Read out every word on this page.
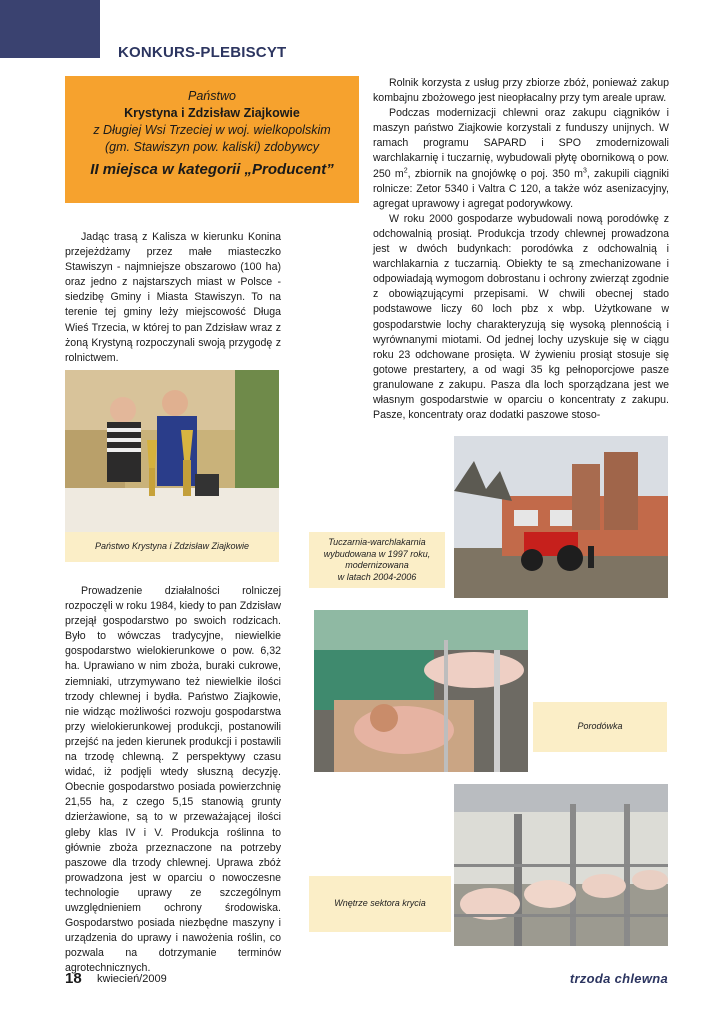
KONKURS-PLEBISCYT
Państwo
Krystyna i Zdzisław Ziajkowie
z Długiej Wsi Trzeciej w woj. wielkopolskim
(gm. Stawiszyn pow. kaliski) zdobywcy
II miejsca w kategorii „Producent”

Jadąc trasą z Kalisza w kierunku Konina przejeżdżamy przez małe miasteczko Stawiszyn - najmniejsze obszarowo (100 ha) oraz jedno z najstarszych miast w Polsce -siedzibę Gminy i Miasta Stawiszyn. To na terenie tej gminy leży miejscowość Długa Wieś Trzecia, w której to pan Zdzisław wraz z żoną Krystyną rozpoczynali swoją przygodę z rolnictwem.

Państwo Krystyna i Zdzisław Ziajkowie

Prowadzenie działalności rolniczej rozpoczęli w roku 1984, kiedy to pan Zdzisław przejął gospodarstwo po swoich rodzicach. Było to wówczas tradycyjne, niewielkie gospodarstwo wielokierunkowe o pow. 6,32 ha. Uprawiano w nim zboża, buraki cukrowe, ziemniaki, utrzymywano też niewielkie ilości trzody chlewnej i bydła. Państwo Ziajkowie, nie widząc możliwości rozwoju gospodarstwa przy wielokierunkowej produkcji, postanowili przejść na jeden kierunek produkcji i postawili na trzodę chlewną. Z perspektywy czasu widać, iż podjęli wtedy słuszną decyzję. Obecnie gospodarstwo posiada powierzchnię 21,55 ha, z czego 5,15 stanowią grunty dzierżawione, są to w przeważającej ilości gleby klas IV i V. Produkcja roślinna to głównie zboża przeznaczone na potrzeby paszowe dla trzody chlewnej. Uprawa zbóż prowadzona jest w oparciu o nowoczesne technologie uprawy ze szczególnym uwzględnieniem ochrony środowiska. Gospodarstwo posiada niezbędne maszyny i urządzenia do uprawy i nawożenia roślin, co pozwala na dotrzymanie terminów agrotechnicznych.

Rolnik korzysta z usług przy zbiorze zbóż, ponieważ zakup kombajnu zbożowego jest nieopłacalny przy tym areale upraw.

Podczas modernizacji chlewni oraz zakupu ciągników i maszyn państwo Ziajkowie korzystali z funduszy unijnych. W ramach programu SAPARD i SPO zmodernizowali warchlakarnię i tuczarnię, wybudowali płytę obornikową o pow. 250 $m^2$, zbiornik na gnojówkę o poj. 350 $m^3$, zakupili ciągniki rolnicze: Zetor 5340 i Valtra C 120, a także wóz asenizacyjny, agregat uprawowy i agregat podorywkowy.

W roku 2000 gospodarze wybudowali nową porodówkę z odchowalnią prosiąt. Produkcja trzody chlewnej prowadzona jest w dwóch budynkach: porodówka z odchowalnią i warchlakarnia z tuczarnią. Obiekty te są zmechanizowane i odpowiadają wymogom dobrostanu i ochrony zwierząt zgodnie z obowiązującymi przepisami. W chwili obecnej stado podstawowe liczy 60 loch pbz x wbp. Użytkowane w gospodarstwie lochy charakteryzują się wysoką plennością i wyrównanymi miotami. Od jednej lochy uzyskuje się w ciągu roku 23 odchowane prosięta. W żywieniu prosiąt stosuje się gotowe prestartery, a od wagi 35 kg pełnoporcjowe pasze granulowane z zakupu. Pasza dla loch sporządzana jest we własnym gospodarstwie w oparciu o koncentraty z zakupu. Pasze, koncentraty oraz dodatki paszowe stoso-

Tuczarnia-warchlakarnia
wybudowana w 1997 roku,
modernizowana
w latach 2004-2006
Porodówka
Wnętrze sektora krycia
18 kwiecień/2009	trzoda chlewna
